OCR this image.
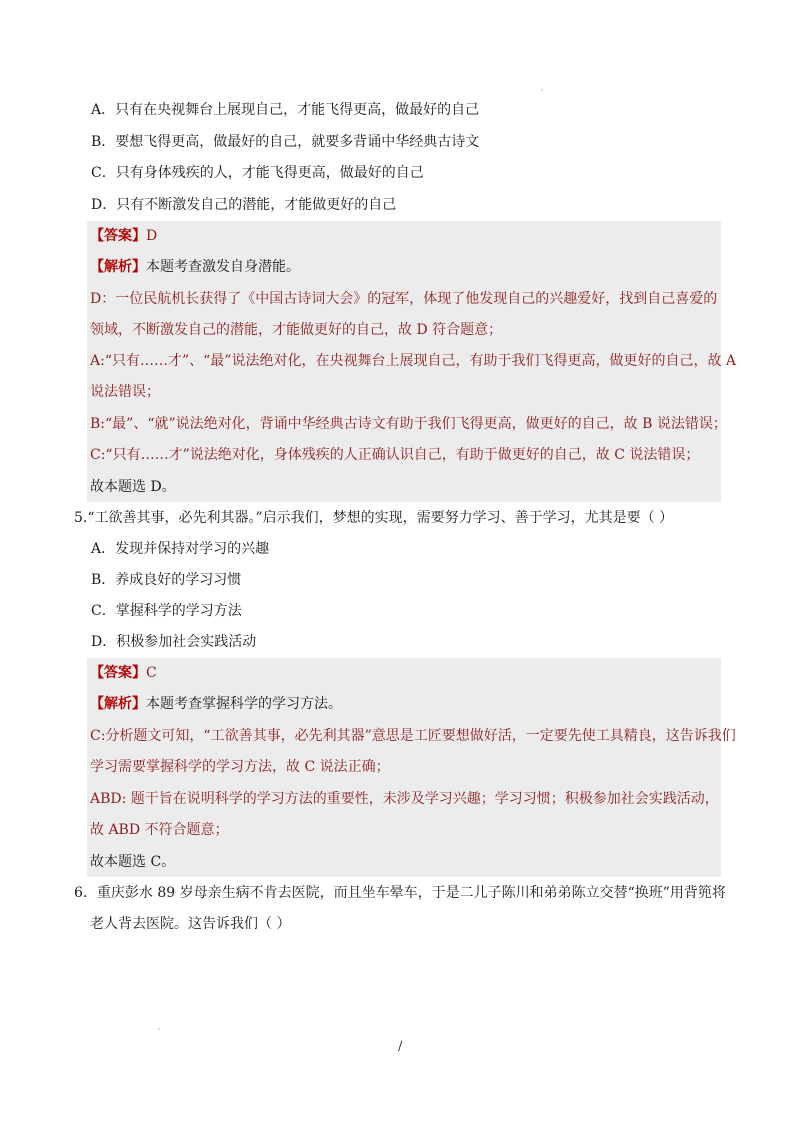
A．只有在央视舞台上展现自己，才能飞得更高，做最好的自己
B．要想飞得更高，做最好的自己，就要多背诵中华经典古诗文
C．只有身体残疾的人，才能飞得更高，做最好的自己
D．只有不断激发自己的潜能，才能做更好的自己
【答案】D
【解析】本题考查激发自身潜能。
D：一位民航机长获得了《中国古诗词大会》的冠军，体现了他发现自己的兴趣爱好，找到自己喜爱的
领域，不断激发自己的潜能，才能做更好的自己，故 D 符合题意；
A:“只有……才”、“最”说法绝对化，在央视舞台上展现自己，有助于我们飞得更高，做更好的自己，故 A
说法错误；
B:“最”、“就”说法绝对化，背诵中华经典古诗文有助于我们飞得更高，做更好的自己，故 B 说法错误；
C:“只有……才”说法绝对化，身体残疾的人正确认识自己，有助于做更好的自己，故 C 说法错误；
故本题选 D。
5.“工欲善其事，必先利其器。”启示我们，梦想的实现，需要努力学习、善于学习，尤其是要（ ）
A．发现并保持对学习的兴趣
B．养成良好的学习习惯
C．掌握科学的学习方法
D．积极参加社会实践活动
【答案】C
【解析】本题考查掌握科学的学习方法。
C:分析题文可知，“工欲善其事，必先利其器”意思是工匠要想做好活，一定要先使工具精良，这告诉我们
学习需要掌握科学的学习方法，故 C 说法正确；
ABD: 题干旨在说明科学的学习方法的重要性，未涉及学习兴趣；学习习惯；积极参加社会实践活动，
故 ABD 不符合题意；
故本题选 C。
6．重庆彭水 89 岁母亲生病不肯去医院，而且坐车晕车，于是二儿子陈川和弟弟陈立交替“换班”用背篼将
老人背去医院。这告诉我们（ ）
/
